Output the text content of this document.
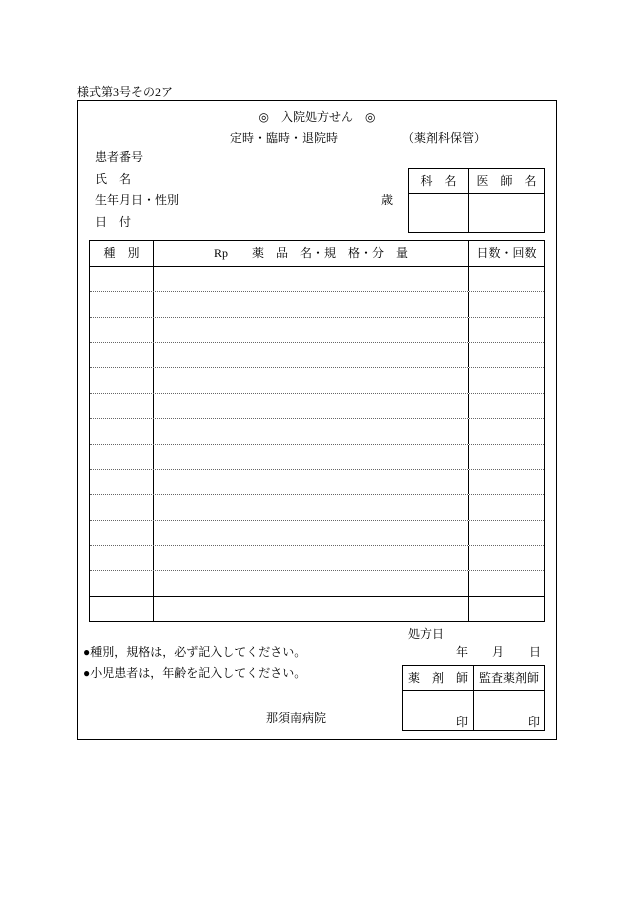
様式第3号その2ア
◎　入院処方せん　◎
定時・臨時・退院時	（薬剤科保管）
患者番号
氏　名
生年月日・性別	歳
日　付
科　名	医　師　名
種　別	Rp　　薬　品　名・規　格・分　量	日数・回数
処方日
年 月 日
●種別，規格は，必ず記入してください。
●小児患者は，年齢を記入してください。	薬　剤　師 監査薬剤師
印	印
那須南病院
